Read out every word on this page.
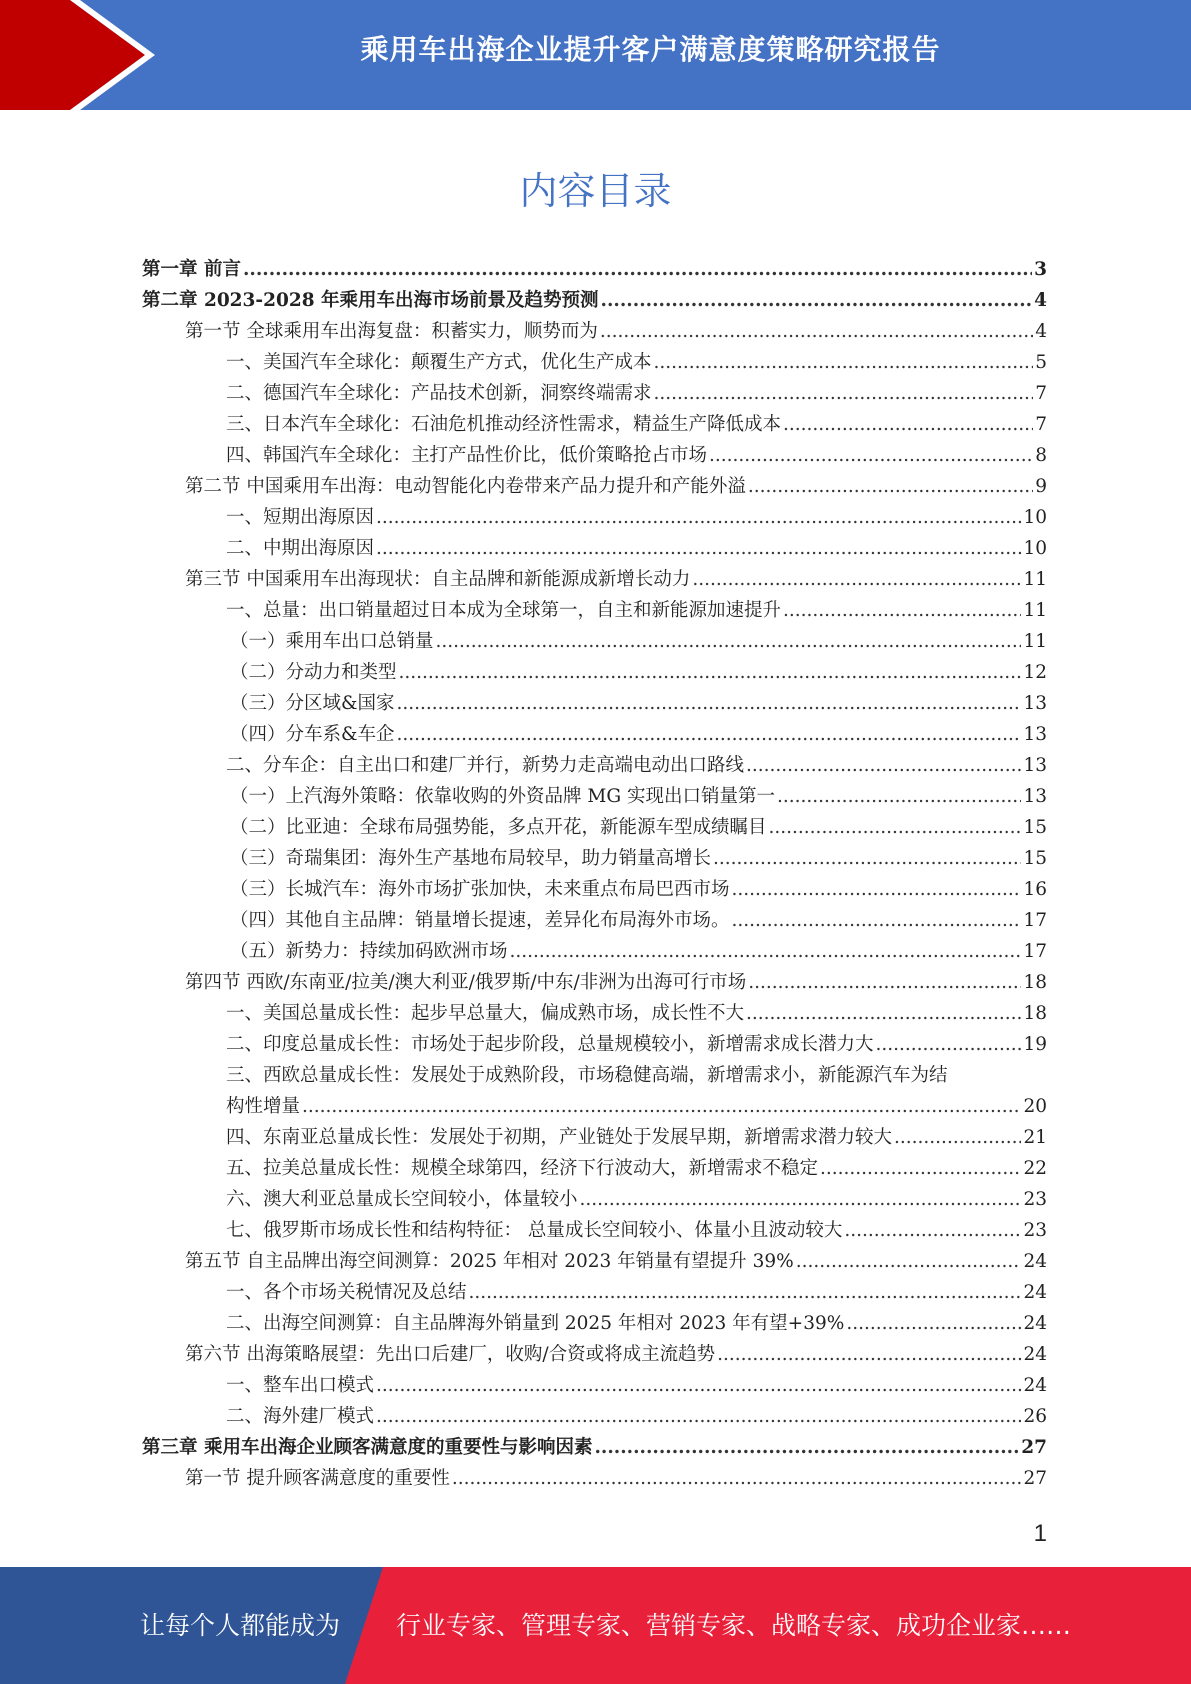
乘用车出海企业提升客户满意度策略研究报告
内容目录
第一章 前言 .....	3
第二章 2023-2028 年乘用车出海市场前景及趋势预测 .....	4
第一节 全球乘用车出海复盘：积蓄实力，顺势而为 .....	4
一、美国汽车全球化：颠覆生产方式，优化生产成本 .....	5
二、德国汽车全球化：产品技术创新，洞察终端需求 .....	7
三、日本汽车全球化：石油危机推动经济性需求，精益生产降低成本 .....	7
四、韩国汽车全球化：主打产品性价比，低价策略抢占市场 .....	8
第二节 中国乘用车出海：电动智能化内卷带来产品力提升和产能外溢 .....	9
一、短期出海原因 .....	10
二、中期出海原因 .....	10
第三节 中国乘用车出海现状：自主品牌和新能源成新增长动力 .....	11
一、总量：出口销量超过日本成为全球第一，自主和新能源加速提升 .....	11
（一）乘用车出口总销量 .....	11
（二）分动力和类型 .....	12
（三）分区域&国家 .....	13
（四）分车系&车企 .....	13
二、分车企：自主出口和建厂并行，新势力走高端电动出口路线 .....	13
（一）上汽海外策略：依靠收购的外资品牌 MG 实现出口销量第一 .....	13
（二）比亚迪：全球布局强势能，多点开花，新能源车型成绩瞩目 .....	15
（三）奇瑞集团：海外生产基地布局较早，助力销量高增长 .....	15
（三）长城汽车：海外市场扩张加快，未来重点布局巴西市场 .....	16
（四）其他自主品牌：销量增长提速，差异化布局海外市场。 .....	17
（五）新势力：持续加码欧洲市场 .....	17
第四节 西欧/东南亚/拉美/澳大利亚/俄罗斯/中东/非洲为出海可行市场 .....	18
一、美国总量成长性：起步早总量大，偏成熟市场，成长性不大 .....	18
二、印度总量成长性：市场处于起步阶段，总量规模较小，新增需求成长潜力大 .....	19
三、西欧总量成长性：发展处于成熟阶段，市场稳健高端，新增需求小，新能源汽车为结
构性增量 .....	20
四、东南亚总量成长性：发展处于初期，产业链处于发展早期，新增需求潜力较大 .....	21
五、拉美总量成长性：规模全球第四，经济下行波动大，新增需求不稳定 .....	22
六、澳大利亚总量成长空间较小，体量较小 .....	23
七、俄罗斯市场成长性和结构特征： 总量成长空间较小、体量小且波动较大 .....	23
第五节 自主品牌出海空间测算：2025 年相对 2023 年销量有望提升 39% .....	24
一、各个市场关税情况及总结 .....	24
二、出海空间测算：自主品牌海外销量到 2025 年相对 2023 年有望+39% .....	24
第六节 出海策略展望：先出口后建厂，收购/合资或将成主流趋势 .....	24
一、整车出口模式 .....	24
二、海外建厂模式 .....	26
第三章 乘用车出海企业顾客满意度的重要性与影响因素 .....	27
第一节 提升顾客满意度的重要性 .....	27
1
让每个人都能成为 行业专家、管理专家、营销专家、战略专家、成功企业家……
